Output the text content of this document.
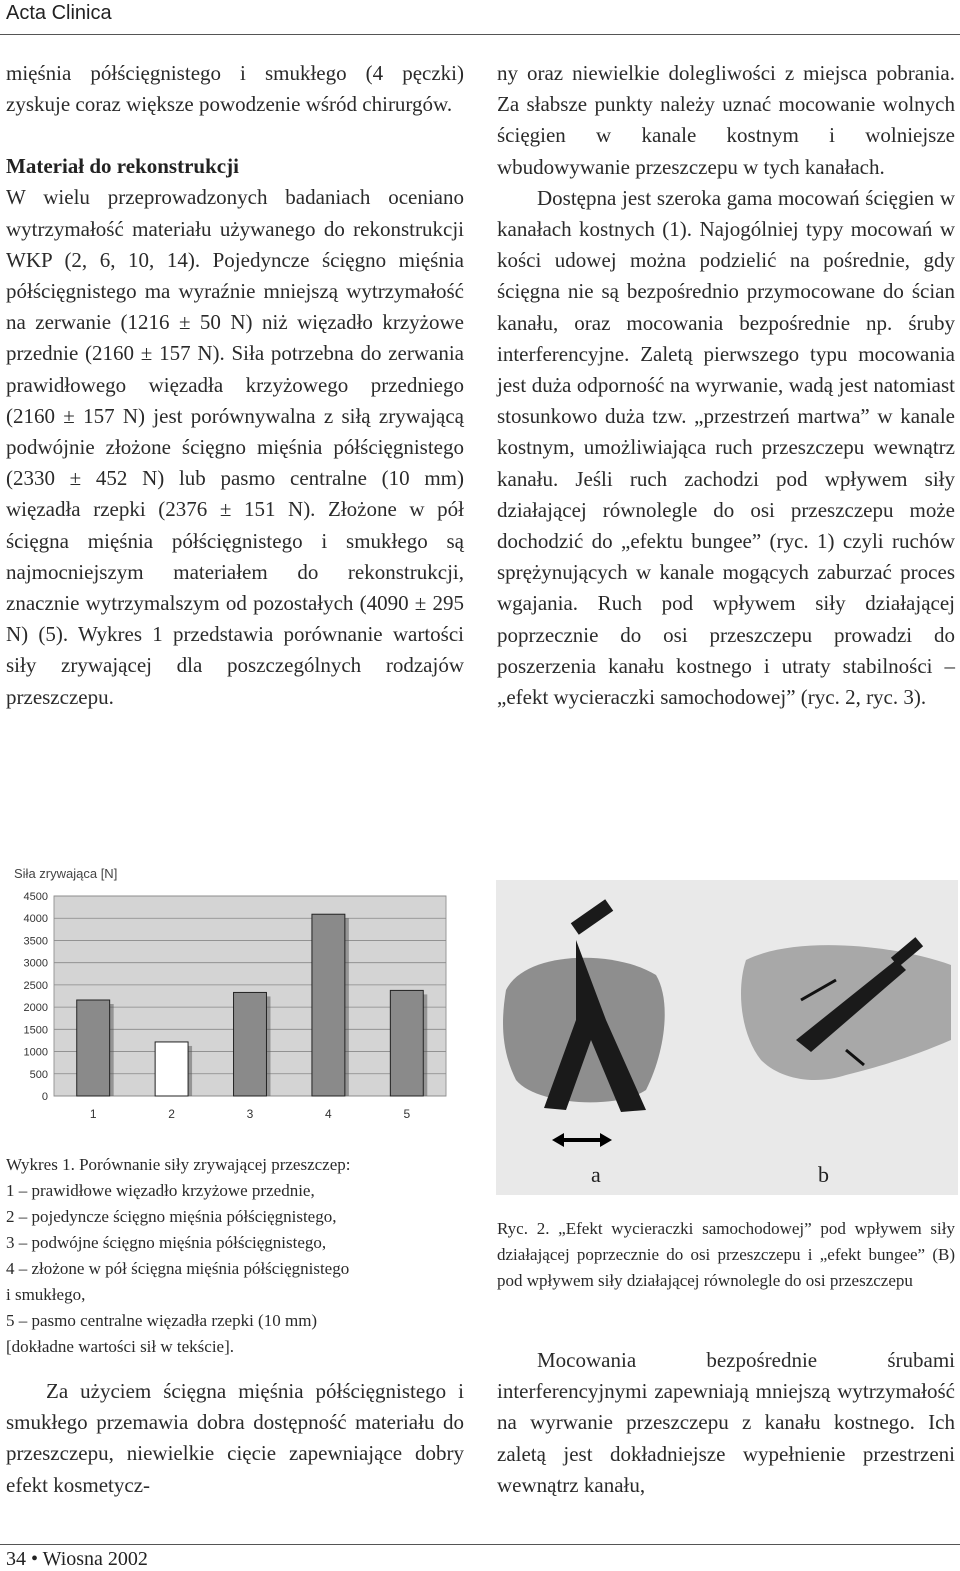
Acta Clinica

mięśnia półścięgnistego i smukłego (4 pęczki) zyskuje coraz większe powodzenie wśród chirurgów.

Materiał do rekonstrukcji

W wielu przeprowadzonych badaniach oceniano wytrzymałość materiału używanego do rekonstrukcji WKP (2, 6, 10, 14). Pojedyncze ścięgno mięśnia półścięgnistego ma wyraźnie mniejszą wytrzymałość na zerwanie (1216 ± 50 N) niż więzadło krzyżowe przednie (2160 ± 157 N). Siła potrzebna do zerwania prawidłowego więzadła krzyżowego przedniego (2160 ± 157 N) jest porównywalna z siłą zrywającą podwójnie złożone ścięgno mięśnia półścięgnistego (2330 ± 452 N) lub pasmo centralne (10 mm) więzadła rzepki (2376 ± 151 N). Złożone w pół ścięgna mięśnia półścięgnistego i smukłego są najmocniejszym materiałem do rekonstrukcji, znacznie wytrzymalszym od pozostałych (4090 ± 295 N) (5). Wykres 1 przedstawia porównanie wartości siły zrywającej dla poszczególnych rodzajów przeszczepu.

Siła zrywająca [N]
0
500
1000
1500
2000
2500
3000
3500
4000
4500
1	2	3	4	5
Wykres 1. Porównanie siły zrywającej przeszczep:
1 – prawidłowe więzadło krzyżowe przednie,
2 – pojedyncze ścięgno mięśnia półścięgnistego,
3 – podwójne ścięgno mięśnia półścięgnistego,
4 – złożone w pół ścięgna mięśnia półścięgnistego
i smukłego,
5 – pasmo centralne więzadła rzepki (10 mm)
[dokładne wartości sił w tekście].

Za użyciem ścięgna mięśnia półścięgnistego i smukłego przemawia dobra dostępność materiału do przeszczepu, niewielkie cięcie zapewniające dobry efekt kosmetycz-

ny oraz niewielkie dolegliwości z miejsca pobrania. Za słabsze punkty należy uznać mocowanie wolnych ścięgien w kanale kostnym i wolniejsze wbudowywanie przeszczepu w tych kanałach.

Dostępna jest szeroka gama mocowań ścięgien w kanałach kostnych (1). Najogólniej typy mocowań w kości udowej można podzielić na pośrednie, gdy ścięgna nie są bezpośrednio przymocowane do ścian kanału, oraz mocowania bezpośrednie np. śruby interferencyjne. Zaletą pierwszego typu mocowania jest duża odporność na wyrwanie, wadą jest natomiast stosunkowo duża tzw. „przestrzeń martwa” w kanale kostnym, umożliwiająca ruch przeszczepu wewnątrz kanału. Jeśli ruch zachodzi pod wpływem siły działającej równolegle do osi przeszczepu może dochodzić do „efektu bungee” (ryc. 1) czyli ruchów sprężynujących w kanale mogących zaburzać proces wgajania. Ruch pod wpływem siły działającej poprzecznie do osi przeszczepu prowadzi do poszerzenia kanału kostnego i utraty stabilności – „efekt wycieraczki samochodowej” (ryc. 2, ryc. 3).

a	b
Ryc. 2. „Efekt wycieraczki samochodowej” pod wpływem siły działającej poprzecznie do osi przeszczepu i „efekt bungee” (B) pod wpływem siły działającej równolegle do osi przeszczepu

Mocowania bezpośrednie śrubami interferencyjnymi zapewniają mniejszą wytrzymałość na wyrwanie przeszczepu z kanału kostnego. Ich zaletą jest dokładniejsze wypełnienie przestrzeni wewnątrz kanału,

34 • Wiosna 2002
